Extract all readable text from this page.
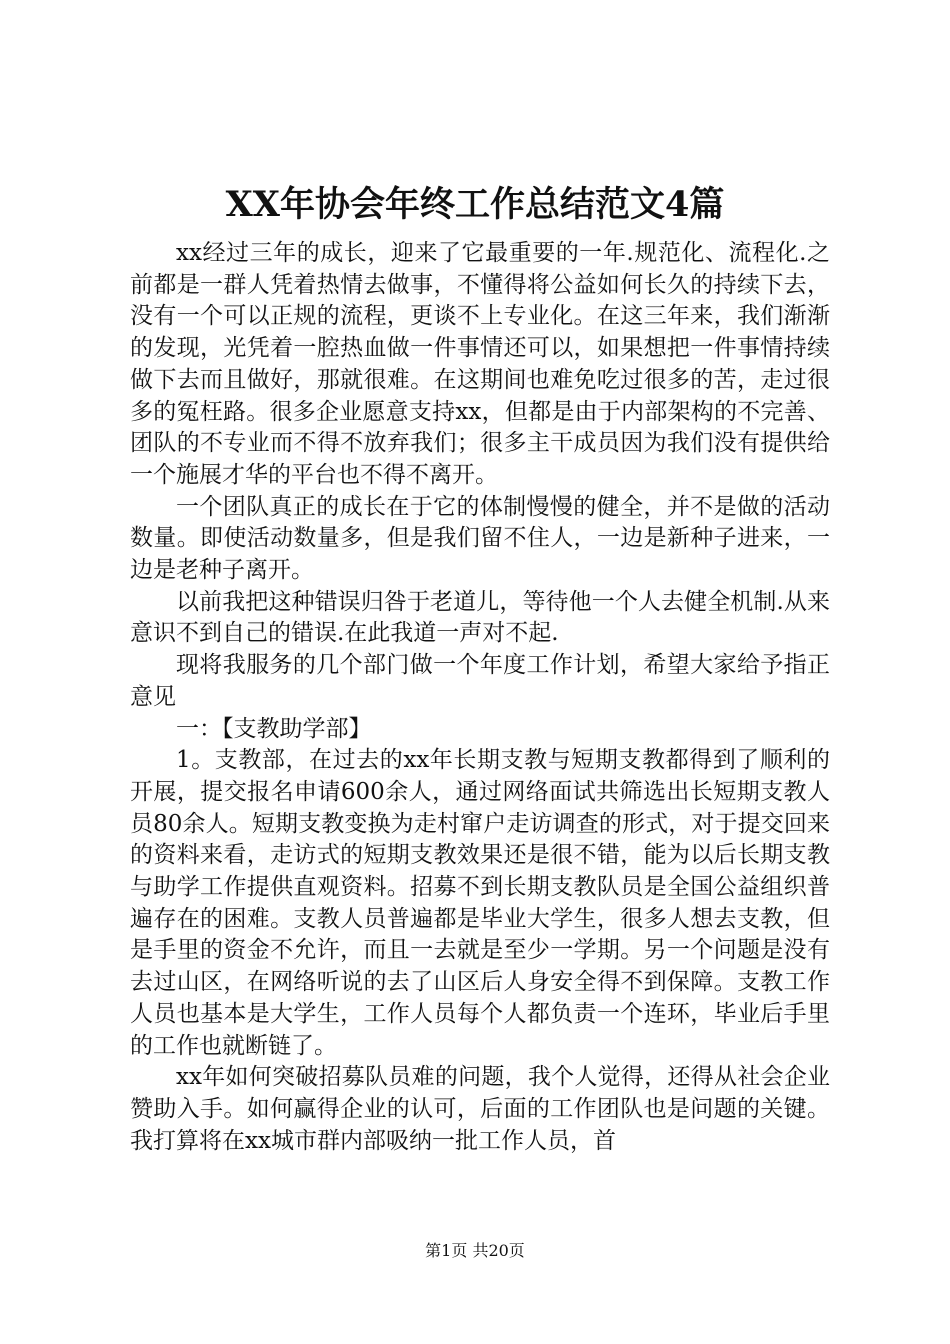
XX年协会年终工作总结范文4篇

xx经过三年的成长，迎来了它最重要的一年.规范化、流程化.之前都是一群人凭着热情去做事，不懂得将公益如何长久的持续下去，没有一个可以正规的流程，更谈不上专业化。在这三年来，我们渐渐的发现，光凭着一腔热血做一件事情还可以，如果想把一件事情持续做下去而且做好，那就很难。在这期间也难免吃过很多的苦，走过很多的冤枉路。很多企业愿意支持xx，但都是由于内部架构的不完善、团队的不专业而不得不放弃我们；很多主干成员因为我们没有提供给一个施展才华的平台也不得不离开。

一个团队真正的成长在于它的体制慢慢的健全，并不是做的活动数量。即使活动数量多，但是我们留不住人，一边是新种子进来，一边是老种子离开。

以前我把这种错误归咎于老道儿，等待他一个人去健全机制.从来意识不到自己的错误.在此我道一声对不起.

现将我服务的几个部门做一个年度工作计划，希望大家给予指正意见

一：【支教助学部】

1。支教部，在过去的xx年长期支教与短期支教都得到了顺利的开展，提交报名申请600余人，通过网络面试共筛选出长短期支教人员80余人。短期支教变换为走村窜户走访调查的形式，对于提交回来的资料来看，走访式的短期支教效果还是很不错，能为以后长期支教与助学工作提供直观资料。招募不到长期支教队员是全国公益组织普遍存在的困难。支教人员普遍都是毕业大学生，很多人想去支教，但是手里的资金不允许，而且一去就是至少一学期。另一个问题是没有去过山区，在网络听说的去了山区后人身安全得不到保障。支教工作人员也基本是大学生，工作人员每个人都负责一个连环，毕业后手里的工作也就断链了。

xx年如何突破招募队员难的问题，我个人觉得，还得从社会企业赞助入手。如何赢得企业的认可，后面的工作团队也是问题的关键。我打算将在xx城市群内部吸纳一批工作人员，首

第1页 共20页
